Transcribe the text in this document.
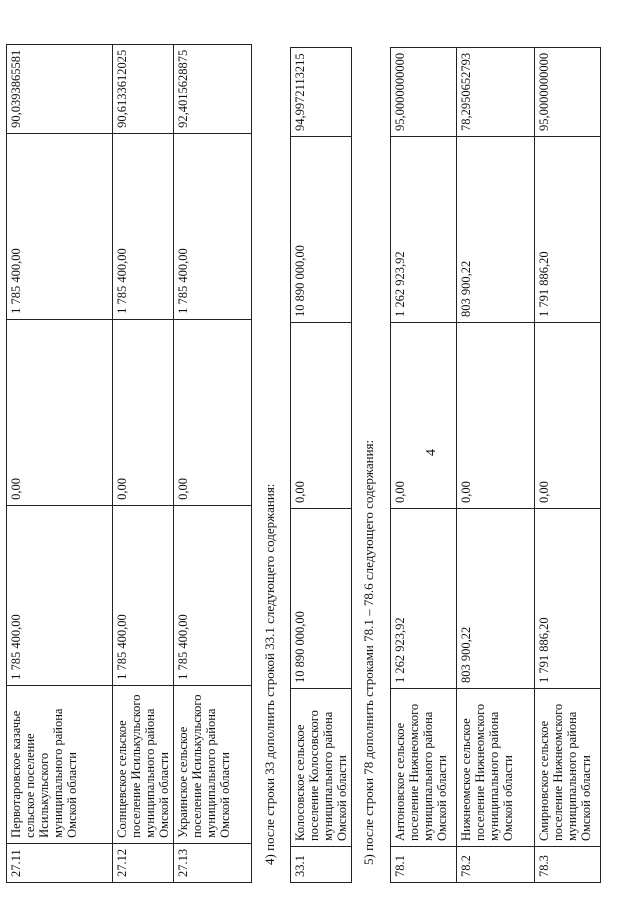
4
27.11	Первотаровское казачье сельское поселение Исилькульского муниципального района Омской области	1 785 400,00	0,00	1 785 400,00	90,0393865581
27.12	Солнцевское сельское поселение Исилькульского муниципального района Омской области	1 785 400,00	0,00	1 785 400,00	90,6133612025
27.13	Украинское сельское поселение Исилькульского муниципального района Омской области	1 785 400,00	0,00	1 785 400,00	92,4015628875
4) после строки 33 дополнить строкой 33.1 следующего содержания:
33.1	Колосовское сельское поселение Колосовского муниципального района Омской области	10 890 000,00	0,00	10 890 000,00	94,9972113215
5) после строки 78 дополнить строками 78.1 – 78.6 следующего содержания:
78.1	Антоновское сельское поселение Нижнеомского муниципального района Омской области	1 262 923,92	0,00	1 262 923,92	95,0000000000
78.2	Нижнеомское сельское поселение Нижнеомского муниципального района Омской области	803 900,22	0,00	803 900,22	78,2950652793
78.3	Смирновское сельское поселение Нижнеомского муниципального района Омской области	1 791 886,20	0,00	1 791 886,20	95,0000000000
